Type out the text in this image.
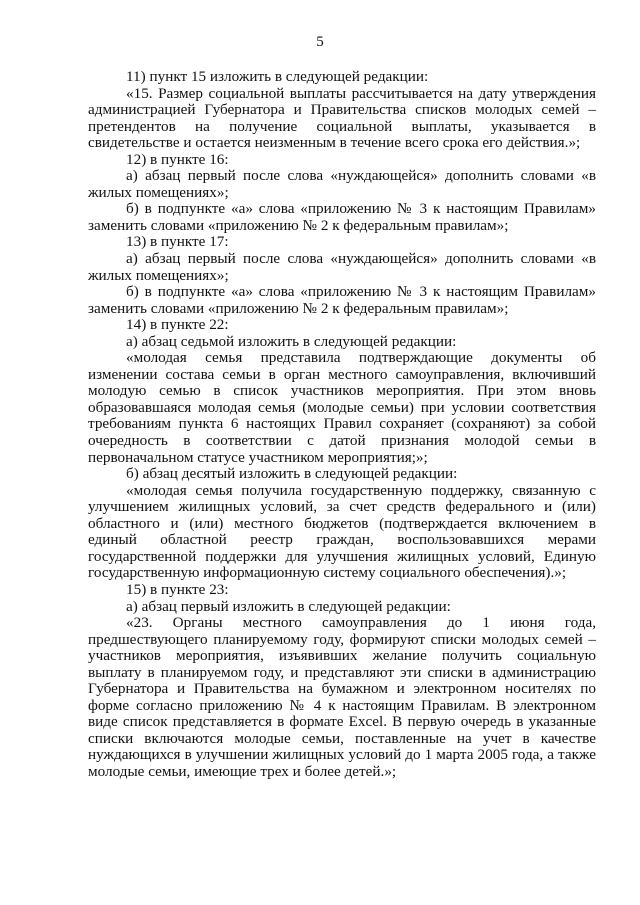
5

11) пункт 15 изложить в следующей редакции:

«15. Размер социальной выплаты рассчитывается на дату утверждения администрацией Губернатора и Правительства списков молодых семей – претендентов на получение социальной выплаты, указывается в свидетельстве и остается неизменным в течение всего срока его действия.»;

12) в пункте 16:

а) абзац первый после слова «нуждающейся» дополнить словами «в жилых помещениях»;

б) в подпункте «а» слова «приложению № 3 к настоящим Правилам» заменить словами «приложению № 2 к федеральным правилам»;

13) в пункте 17:

а) абзац первый после слова «нуждающейся» дополнить словами «в жилых помещениях»;

б) в подпункте «а» слова «приложению № 3 к настоящим Правилам» заменить словами «приложению № 2 к федеральным правилам»;

14) в пункте 22:

а) абзац седьмой изложить в следующей редакции:

«молодая семья представила подтверждающие документы об изменении состава семьи в орган местного самоуправления, включивший молодую семью в список участников мероприятия. При этом вновь образовавшаяся молодая семья (молодые семьи) при условии соответствия требованиям пункта 6 настоящих Правил сохраняет (сохраняют) за собой очередность в соответствии с датой признания молодой семьи в первоначальном статусе участником мероприятия;»;

б) абзац десятый изложить в следующей редакции:

«молодая семья получила государственную поддержку, связанную с улучшением жилищных условий, за счет средств федерального и (или) областного и (или) местного бюджетов (подтверждается включением в единый областной реестр граждан, воспользовавшихся мерами государственной поддержки для улучшения жилищных условий, Единую государственную информационную систему социального обеспечения).»;

15) в пункте 23:

а) абзац первый изложить в следующей редакции:

«23. Органы местного самоуправления до 1 июня года, предшествующего планируемому году, формируют списки молодых семей – участников мероприятия, изъявивших желание получить социальную выплату в планируемом году, и представляют эти списки в администрацию Губернатора и Правительства на бумажном и электронном носителях по форме согласно приложению № 4 к настоящим Правилам. В электронном виде список представляется в формате Excel. В первую очередь в указанные списки включаются молодые семьи, поставленные на учет в качестве нуждающихся в улучшении жилищных условий до 1 марта 2005 года, а также молодые семьи, имеющие трех и более детей.»;
